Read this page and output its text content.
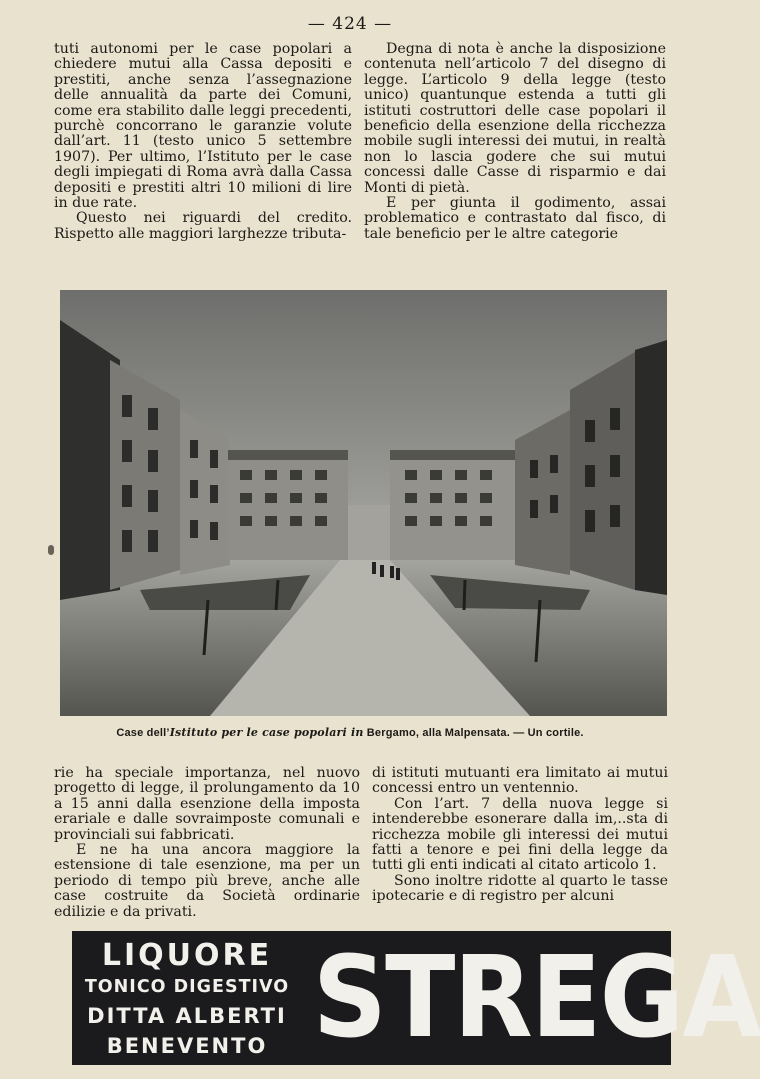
— 424 —

tuti autonomi per le case popolari a chiedere mutui alla Cassa depositi e prestiti, anche senza l’assegnazione delle annualità da parte dei Comuni, come era stabilito dalle leggi precedenti, purchè concorrano le garanzie volute dall’art. 11 (testo unico 5 settembre 1907). Per ultimo, l’Istituto per le case degli impiegati di Roma avrà dalla Cassa depositi e prestiti altri 10 milioni di lire in due rate.

Questo nei riguardi del credito. Rispetto alle maggiori larghezze tributa-

Degna di nota è anche la disposizione contenuta nell’articolo 7 del disegno di legge. L’articolo 9 della legge (testo unico) quantunque estenda a tutti gli istituti costruttori delle case popolari il beneficio della esenzione della ricchezza mobile sugli interessi dei mutui, in realtà non lo lascia godere che sui mutui concessi dalle Casse di risparmio e dai Monti di pietà.

E per giunta il godimento, assai problematico e contrastato dal fisco, di tale beneficio per le altre categorie

Case dell’Istituto per le case popolari in Bergamo, alla Malpensata. — Un cortile.

rie ha speciale importanza, nel nuovo progetto di legge, il prolungamento da 10 a 15 anni dalla esenzione della imposta erariale e dalle sovraimposte comunali e provinciali sui fabbricati.

E ne ha una ancora maggiore la estensione di tale esenzione, ma per un periodo di tempo più breve, anche alle case costruite da Società ordinarie edilizie e da privati.

di istituti mutuanti era limitato ai mutui concessi entro un ventennio.

Con l’art. 7 della nuova legge si intenderebbe esonerare dalla im,..sta di ricchezza mobile gli interessi dei mutui fatti a tenore e pei fini della legge da tutti gli enti indicati al citato articolo 1.

Sono inoltre ridotte al quarto le tasse ipotecarie e di registro per alcuni

LIQUORE
TONICO DIGESTIVO
DITTA ALBERTI
BENEVENTO STREGA
